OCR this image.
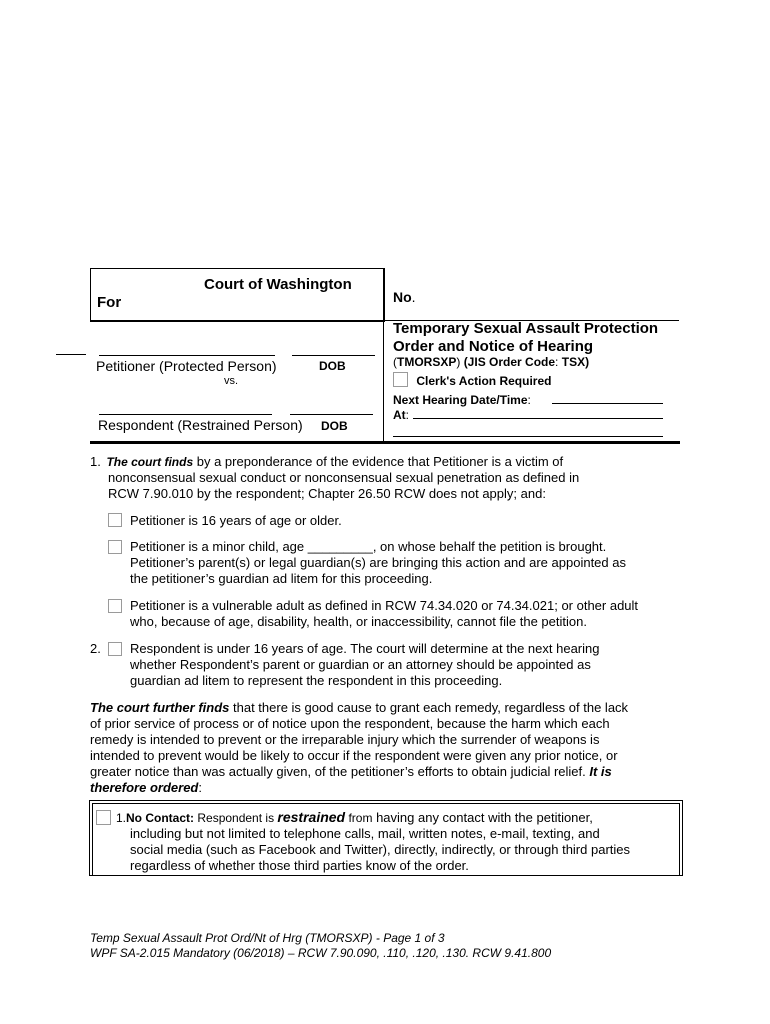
Court of Washington
For
Petitioner (Protected Person)	DOB
vs.
Respondent (Restrained Person) DOB
No.
Temporary Sexual Assault Protection
Order and Notice of Hearing
(TMORSXP) (JIS Order Code: TSX)
Clerk's Action Required
Next Hearing Date/Time:
At:
1. The court finds by a preponderance of the evidence that Petitioner is a victim of
nonconsensual sexual conduct or nonconsensual sexual penetration as defined in
RCW 7.90.010 by the respondent; Chapter 26.50 RCW does not apply; and:
Petitioner is 16 years of age or older.
Petitioner is a minor child, age _________, on whose behalf the petition is brought.
Petitioner’s parent(s) or legal guardian(s) are bringing this action and are appointed as
the petitioner’s guardian ad litem for this proceeding.
Petitioner is a vulnerable adult as defined in RCW 74.34.020 or 74.34.021; or other adult
who, because of age, disability, health, or inaccessibility, cannot file the petition.
2. Respondent is under 16 years of age. The court will determine at the next hearing
whether Respondent’s parent or guardian or an attorney should be appointed as
guardian ad litem to represent the respondent in this proceeding.
The court further finds that there is good cause to grant each remedy, regardless of the lack
of prior service of process or of notice upon the respondent, because the harm which each
remedy is intended to prevent or the irreparable injury which the surrender of weapons is
intended to prevent would be likely to occur if the respondent were given any prior notice, or
greater notice than was actually given, of the petitioner’s efforts to obtain judicial relief. It is
therefore ordered:
1.No Contact: Respondent is restrained from having any contact with the petitioner,
including but not limited to telephone calls, mail, written notes, e-mail, texting, and
social media (such as Facebook and Twitter), directly, indirectly, or through third parties
regardless of whether those third parties know of the order.
Temp Sexual Assault Prot Ord/Nt of Hrg (TMORSXP) - Page 1 of 3
WPF SA-2.015 Mandatory (06/2018) – RCW 7.90.090, .110, .120, .130. RCW 9.41.800
